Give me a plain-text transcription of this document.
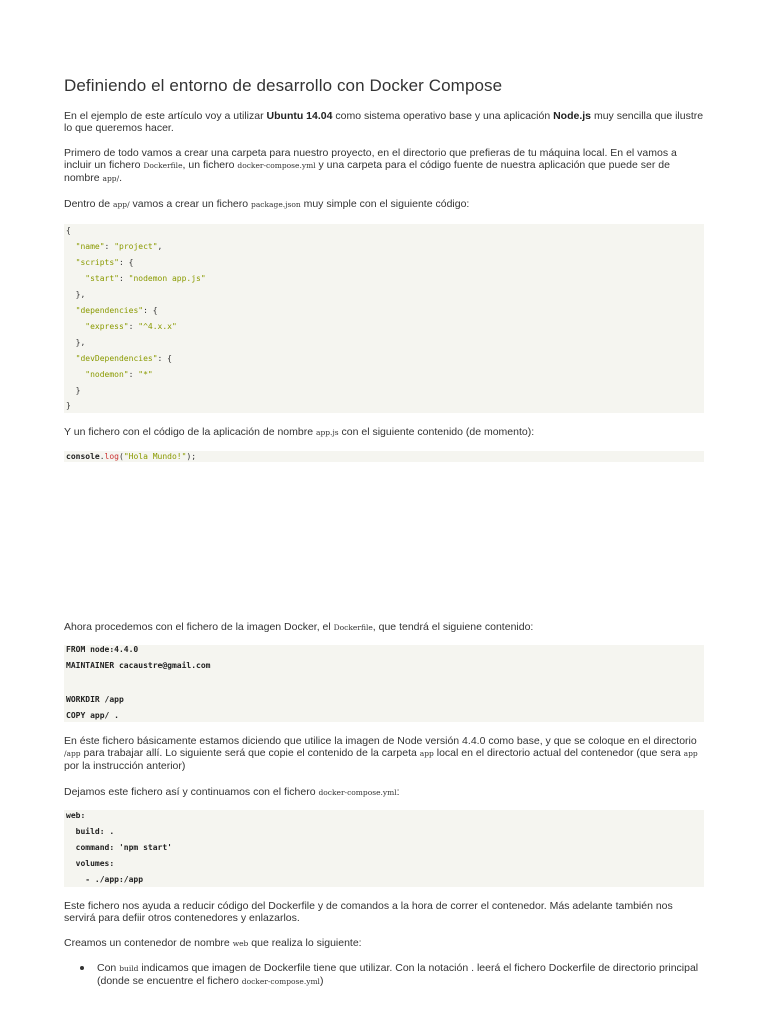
Definiendo el entorno de desarrollo con Docker Compose

En el ejemplo de este artículo voy a utilizar Ubuntu 14.04 como sistema operativo base y una aplicación Node.js muy sencilla que ilustre lo que queremos hacer.

Primero de todo vamos a crear una carpeta para nuestro proyecto, en el directorio que prefieras de tu máquina local. En el vamos a incluir un fichero Dockerfile, un fichero docker-compose.yml y una carpeta para el código fuente de nuestra aplicación que puede ser de nombre app/.

Dentro de app/ vamos a crear un fichero package.json muy simple con el siguiente código:

{
"name": "project",
"scripts": {
"start": "nodemon app.js"
},
"dependencies": {
"express": "^4.x.x"
},
"devDependencies": {
"nodemon": "*"
}
}

Y un fichero con el código de la aplicación de nombre app.js con el siguiente contenido (de momento):

console.log("Hola Mundo!");

Ahora procedemos con el fichero de la imagen Docker, el Dockerfile, que tendrá el siguiene contenido:

FROM node:4.4.0
MAINTAINER cacaustre@gmail.com
WORKDIR /app
COPY app/ .

En éste fichero básicamente estamos diciendo que utilice la imagen de Node versión 4.4.0 como base, y que se coloque en el directorio /app para trabajar allí. Lo siguiente será que copie el contenido de la carpeta app local en el directorio actual del contenedor (que sera app por la instrucción anterior)

Dejamos este fichero así y continuamos con el fichero docker-compose.yml:

web:
build: .
command: 'npm start'
volumes:
- ./app:/app

Este fichero nos ayuda a reducir código del Dockerfile y de comandos a la hora de correr el contenedor. Más adelante también nos servirá para defiir otros contenedores y enlazarlos.

Creamos un contenedor de nombre web que realiza lo siguiente:

Con build indicamos que imagen de Dockerfile tiene que utilizar. Con la notación . leerá el fichero Dockerfile de directorio principal (donde se encuentre el fichero docker-compose.yml)
